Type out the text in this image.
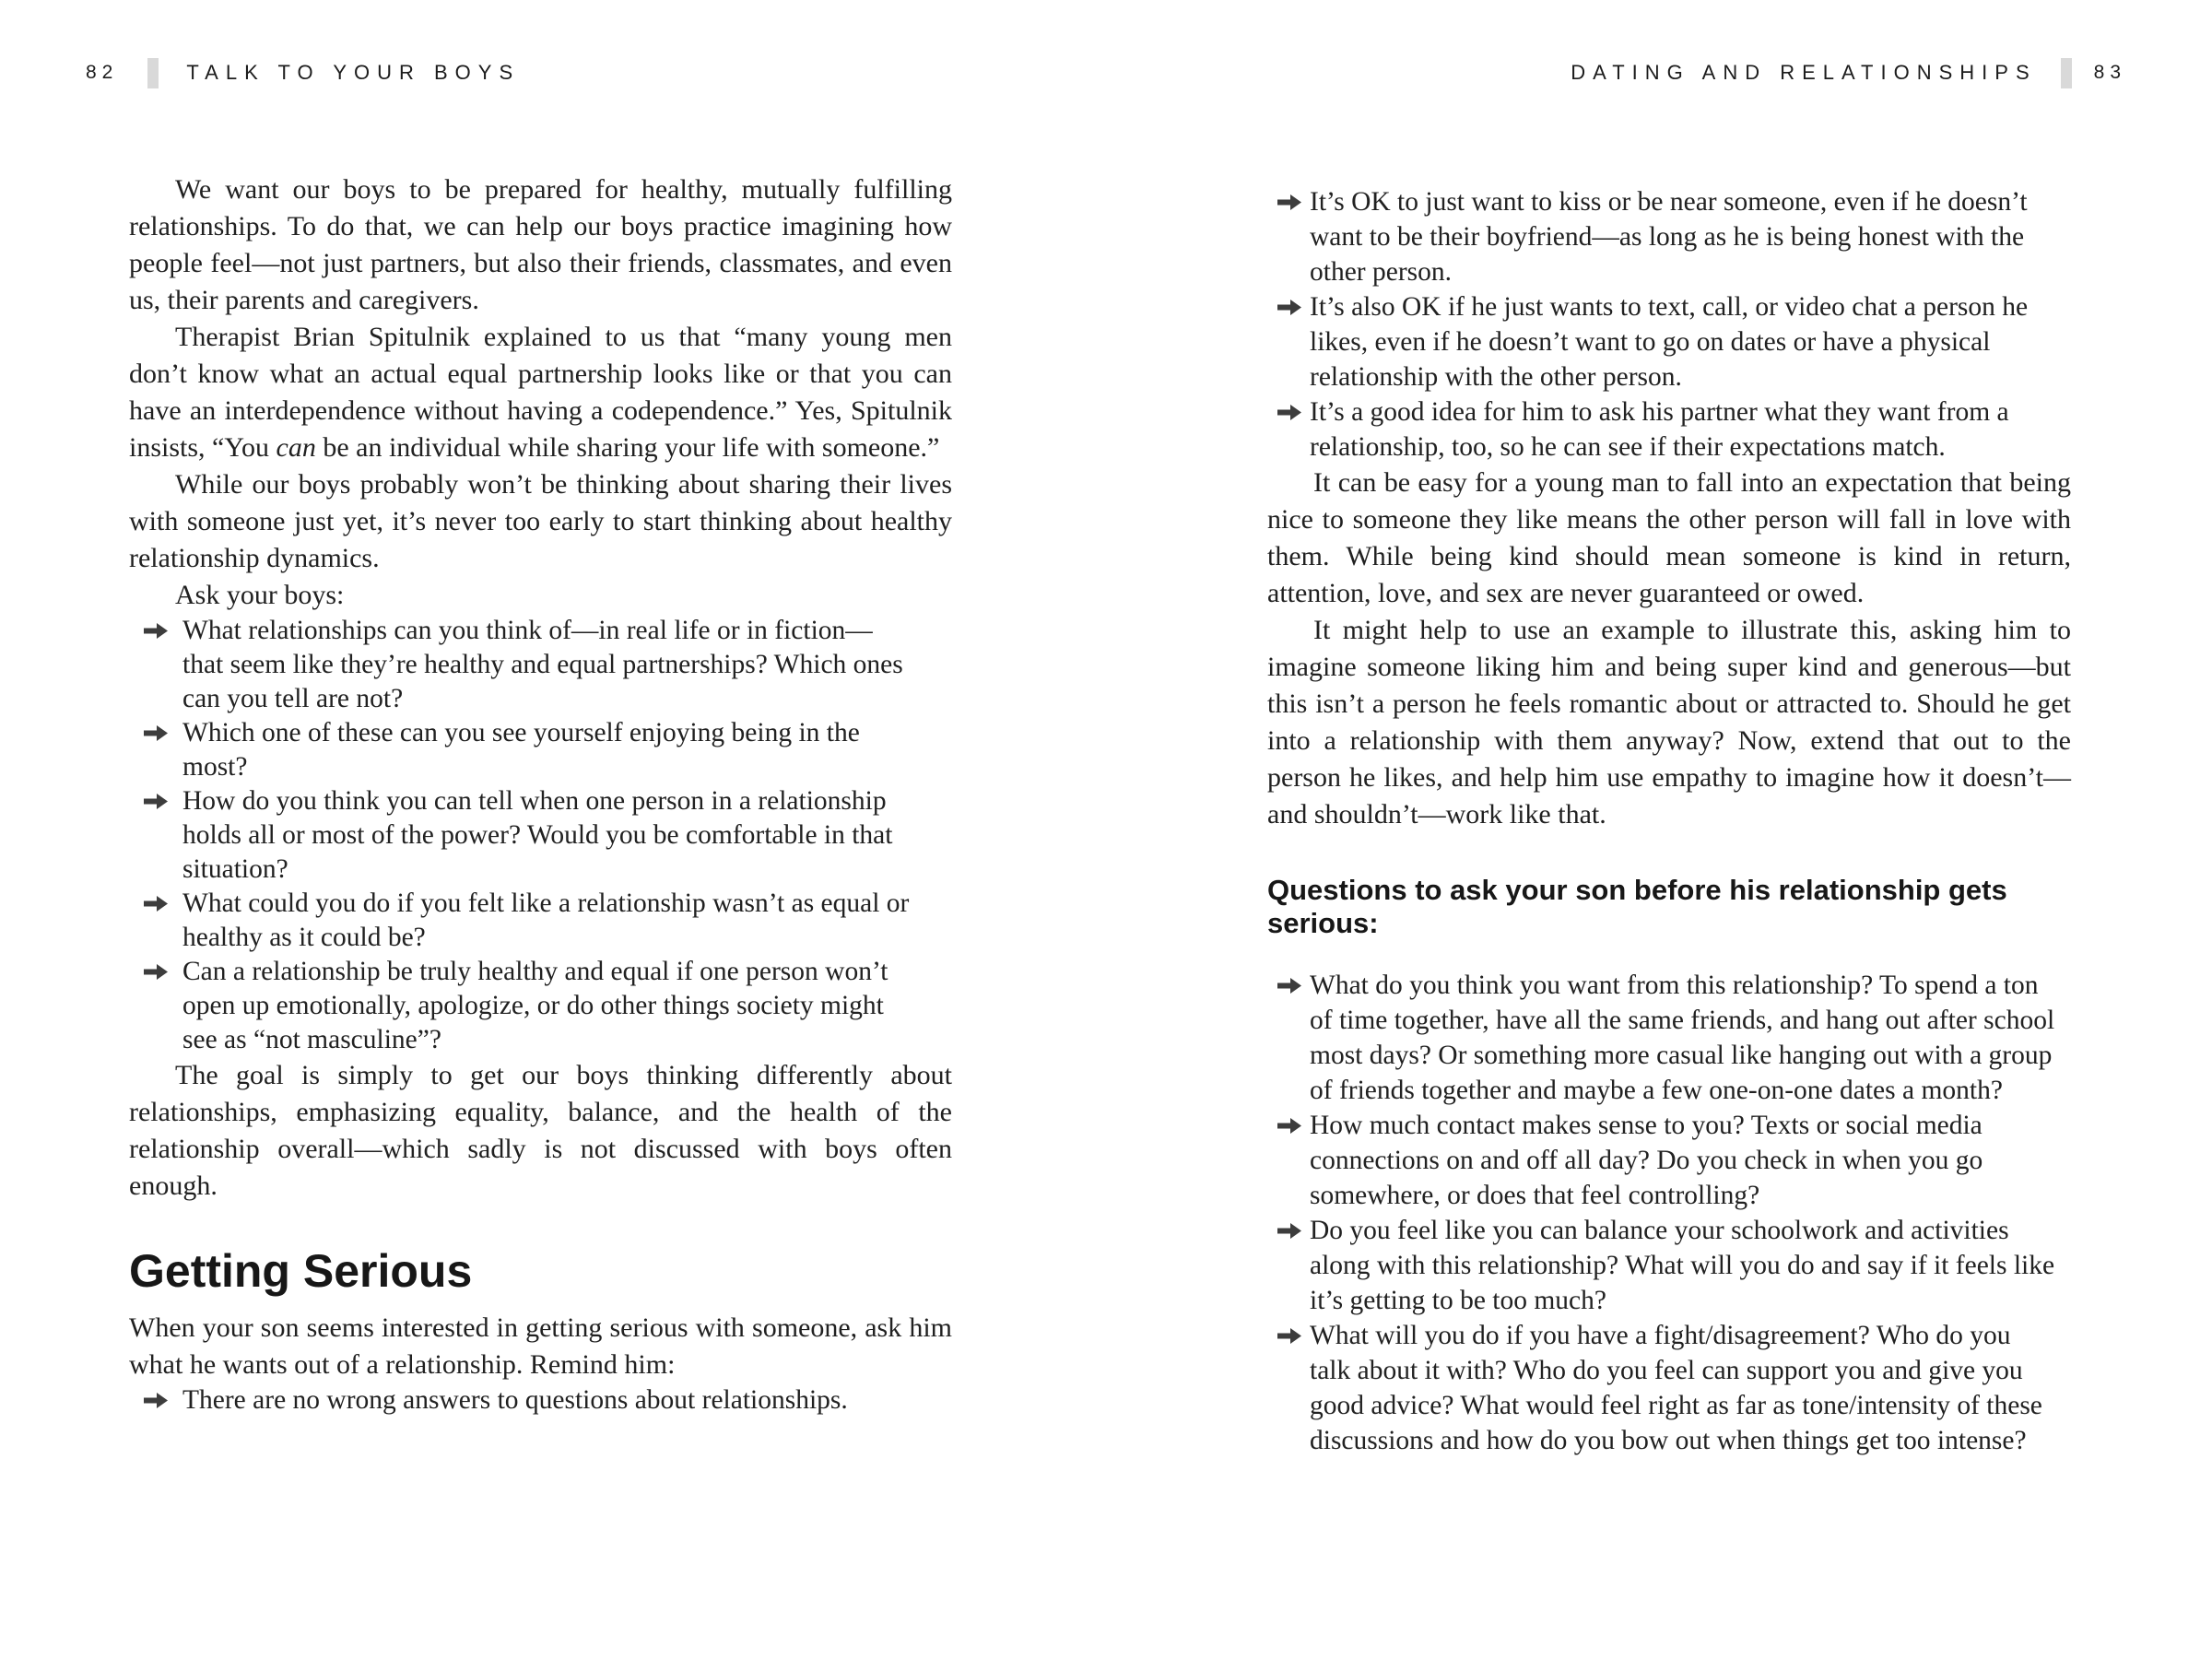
82	TALK TO YOUR BOYS	DATING AND RELATIONSHIPS	83

We want our boys to be prepared for healthy, mutually fulfilling relationships. To do that, we can help our boys practice imagining how people feel—not just partners, but also their friends, classmates, and even us, their parents and caregivers.

Therapist Brian Spitulnik explained to us that “many young men don’t know what an actual equal partnership looks like or that you can have an interdependence without having a codependence.” Yes, Spitulnik insists, “You can be an individual while sharing your life with someone.”

While our boys probably won’t be thinking about sharing their lives with someone just yet, it’s never too early to start thinking about healthy relationship dynamics.

Ask your boys:

What relationships can you think of—in real life or in fiction—that seem like they’re healthy and equal partnerships? Which ones can you tell are not?
Which one of these can you see yourself enjoying being in the most?
How do you think you can tell when one person in a relationship holds all or most of the power? Would you be comfortable in that situation?
What could you do if you felt like a relationship wasn’t as equal or healthy as it could be?
Can a relationship be truly healthy and equal if one person won’t open up emotionally, apologize, or do other things society might see as “not masculine”?

The goal is simply to get our boys thinking differently about relationships, emphasizing equality, balance, and the health of the relationship overall—which sadly is not discussed with boys often enough.

Getting Serious

When your son seems interested in getting serious with someone, ask him what he wants out of a relationship. Remind him:

There are no wrong answers to questions about relationships.
It’s OK to just want to kiss or be near someone, even if he doesn’t want to be their boyfriend—as long as he is being honest with the other person.
It’s also OK if he just wants to text, call, or video chat a person he likes, even if he doesn’t want to go on dates or have a physical relationship with the other person.
It’s a good idea for him to ask his partner what they want from a relationship, too, so he can see if their expectations match.

It can be easy for a young man to fall into an expectation that being nice to someone they like means the other person will fall in love with them. While being kind should mean someone is kind in return, attention, love, and sex are never guaranteed or owed.

It might help to use an example to illustrate this, asking him to imagine someone liking him and being super kind and generous—but this isn’t a person he feels romantic about or attracted to. Should he get into a relationship with them anyway? Now, extend that out to the person he likes, and help him use empathy to imagine how it doesn’t—and shouldn’t—work like that.

Questions to ask your son before his relationship gets serious:
What do you think you want from this relationship? To spend a ton of time together, have all the same friends, and hang out after school most days? Or something more casual like hanging out with a group of friends together and maybe a few one-on-one dates a month?
How much contact makes sense to you? Texts or social media connections on and off all day? Do you check in when you go somewhere, or does that feel controlling?
Do you feel like you can balance your schoolwork and activities along with this relationship? What will you do and say if it feels like it’s getting to be too much?
What will you do if you have a fight/disagreement? Who do you talk about it with? Who do you feel can support you and give you good advice? What would feel right as far as tone/intensity of these discussions and how do you bow out when things get too intense?
